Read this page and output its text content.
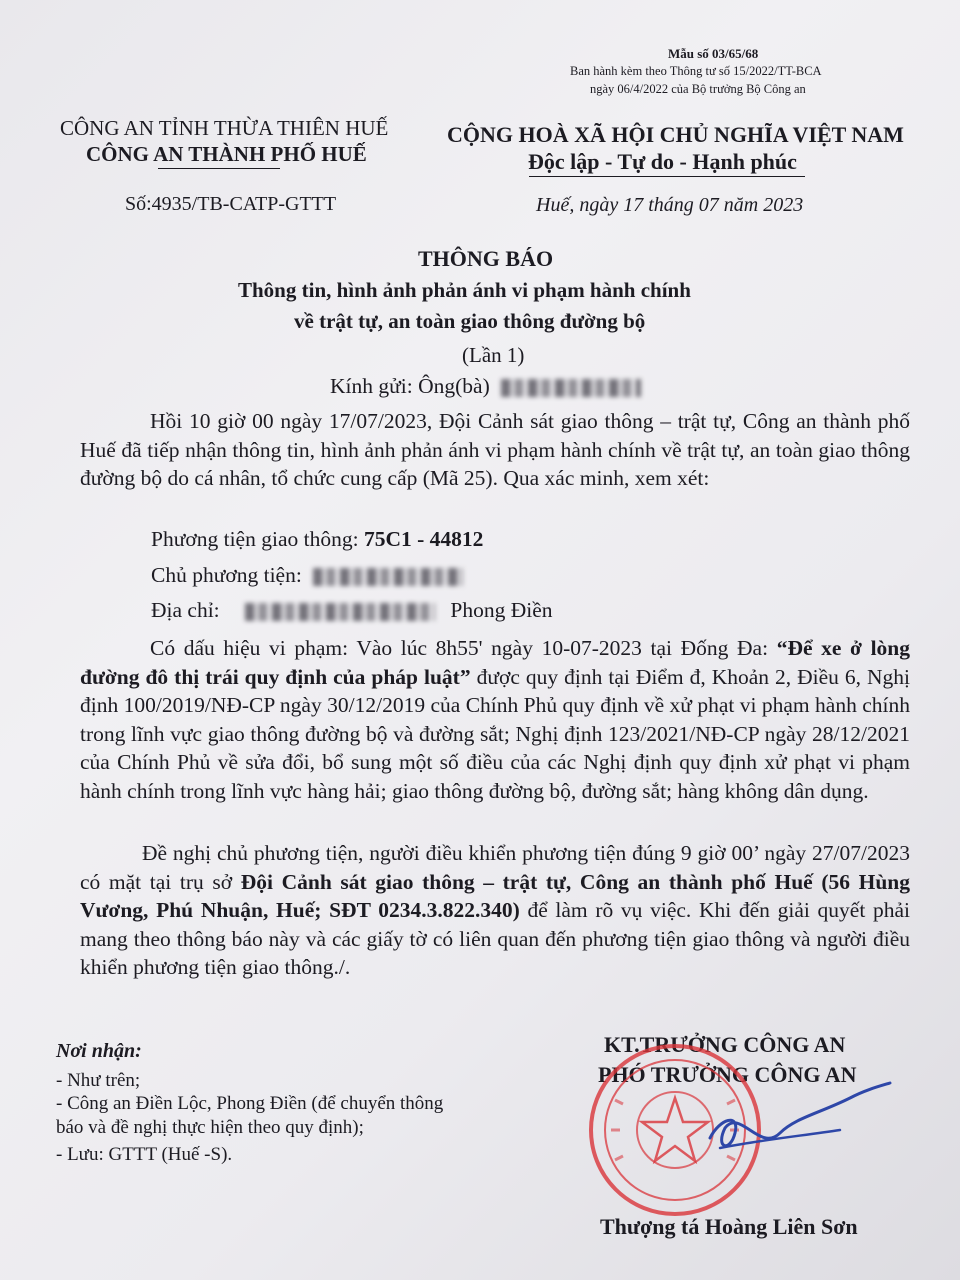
Mẫu số 03/65/68
Ban hành kèm theo Thông tư số 15/2022/TT-BCA
ngày 06/4/2022 của Bộ trưởng Bộ Công an
CÔNG AN TỈNH THỪA THIÊN HUẾ
CÔNG AN THÀNH PHỐ HUẾ
Số:4935/TB-CATP-GTTT
CỘNG HOÀ XÃ HỘI CHỦ NGHĨA VIỆT NAM
Độc lập - Tự do - Hạnh phúc
Huế, ngày 17 tháng 07 năm 2023
THÔNG BÁO
Thông tin, hình ảnh phản ánh vi phạm hành chính
về trật tự, an toàn giao thông đường bộ
(Lần 1)
Kính gửi: Ông(bà)
Hồi 10 giờ 00 ngày 17/07/2023, Đội Cảnh sát giao thông – trật tự, Công an thành phố Huế đã tiếp nhận thông tin, hình ảnh phản ánh vi phạm hành chính về trật tự, an toàn giao thông đường bộ do cá nhân, tổ chức cung cấp (Mã 25). Qua xác minh, xem xét:
Phương tiện giao thông: 75C1 - 44812
Chủ phương tiện:
Địa chỉ:	Phong Điền
Có dấu hiệu vi phạm: Vào lúc 8h55' ngày 10-07-2023 tại Đống Đa: “Để xe ở lòng đường đô thị trái quy định của pháp luật” được quy định tại Điểm đ, Khoản 2, Điều 6, Nghị định 100/2019/NĐ-CP ngày 30/12/2019 của Chính Phủ quy định về xử phạt vi phạm hành chính trong lĩnh vực giao thông đường bộ và đường sắt; Nghị định 123/2021/NĐ-CP ngày 28/12/2021 của Chính Phủ về sửa đổi, bổ sung một số điều của các Nghị định quy định xử phạt vi phạm hành chính trong lĩnh vực hàng hải; giao thông đường bộ, đường sắt; hàng không dân dụng.
Đề nghị chủ phương tiện, người điều khiển phương tiện đúng 9 giờ 00’ ngày 27/07/2023 có mặt tại trụ sở Đội Cảnh sát giao thông – trật tự, Công an thành phố Huế (56 Hùng Vương, Phú Nhuận, Huế; SĐT 0234.3.822.340) để làm rõ vụ việc. Khi đến giải quyết phải mang theo thông báo này và các giấy tờ có liên quan đến phương tiện giao thông và người điều khiển phương tiện giao thông./.
Nơi nhận:
- Như trên;
- Công an Điền Lộc, Phong Điền (để chuyển thông
báo và đề nghị thực hiện theo quy định);
- Lưu: GTTT (Huế -S).
KT.TRƯỞNG CÔNG AN
PHÓ TRƯỞNG CÔNG AN
Thượng tá Hoàng Liên Sơn
